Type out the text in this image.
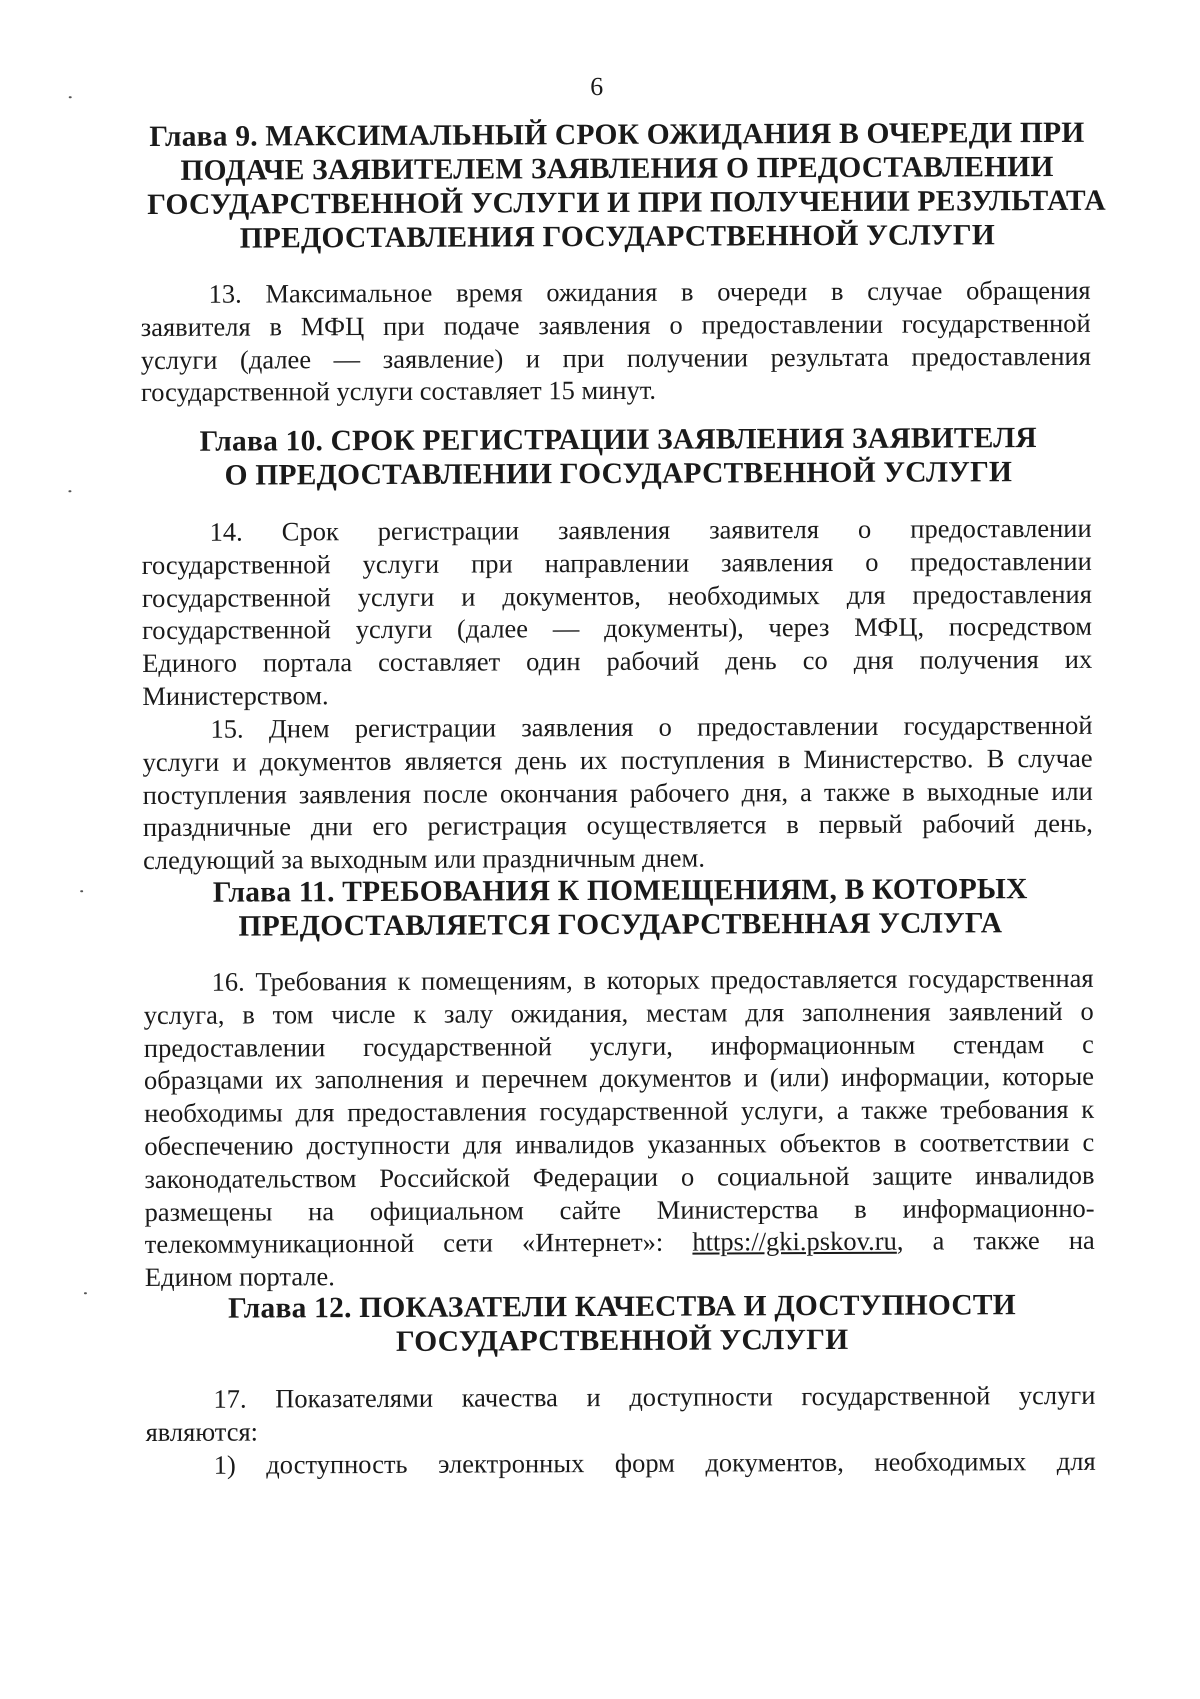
6
Глава 9. МАКСИМАЛЬНЫЙ СРОК ОЖИДАНИЯ В ОЧЕРЕДИ ПРИ
ПОДАЧЕ ЗАЯВИТЕЛЕМ ЗАЯВЛЕНИЯ О ПРЕДОСТАВЛЕНИИ
ГОСУДАРСТВЕННОЙ УСЛУГИ И ПРИ ПОЛУЧЕНИИ РЕЗУЛЬТАТА
ПРЕДОСТАВЛЕНИЯ ГОСУДАРСТВЕННОЙ УСЛУГИ
13. Максимальное время ожидания в очереди в случае обращения
заявителя в МФЦ при подаче заявления о предоставлении государственной
услуги (далее — заявление) и при получении результата предоставления
государственной услуги составляет 15 минут.
Глава 10. СРОК РЕГИСТРАЦИИ ЗАЯВЛЕНИЯ ЗАЯВИТЕЛЯ
О ПРЕДОСТАВЛЕНИИ ГОСУДАРСТВЕННОЙ УСЛУГИ
14. Срок регистрации заявления заявителя о предоставлении
государственной услуги при направлении заявления о предоставлении
государственной услуги и документов, необходимых для предоставления
государственной услуги (далее — документы), через МФЦ, посредством
Единого портала составляет один рабочий день со дня получения их
Министерством.
15. Днем регистрации заявления о предоставлении государственной
услуги и документов является день их поступления в Министерство. В случае
поступления заявления после окончания рабочего дня, а также в выходные или
праздничные дни его регистрация осуществляется в первый рабочий день,
следующий за выходным или праздничным днем.
Глава 11. ТРЕБОВАНИЯ К ПОМЕЩЕНИЯМ, В КОТОРЫХ
ПРЕДОСТАВЛЯЕТСЯ ГОСУДАРСТВЕННАЯ УСЛУГА
16. Требования к помещениям, в которых предоставляется государственная
услуга, в том числе к залу ожидания, местам для заполнения заявлений о
предоставлении государственной услуги, информационным стендам с
образцами их заполнения и перечнем документов и (или) информации, которые
необходимы для предоставления государственной услуги, а также требования к
обеспечению доступности для инвалидов указанных объектов в соответствии с
законодательством Российской Федерации о социальной защите инвалидов
размещены на официальном сайте Министерства в информационно-
телекоммуникационной сети «Интернет»: https://gki.pskov.ru, а также на
Едином портале.
Глава 12. ПОКАЗАТЕЛИ КАЧЕСТВА И ДОСТУПНОСТИ
ГОСУДАРСТВЕННОЙ УСЛУГИ
17. Показателями качества и доступности государственной услуги
являются:
1) доступность электронных форм документов, необходимых для
